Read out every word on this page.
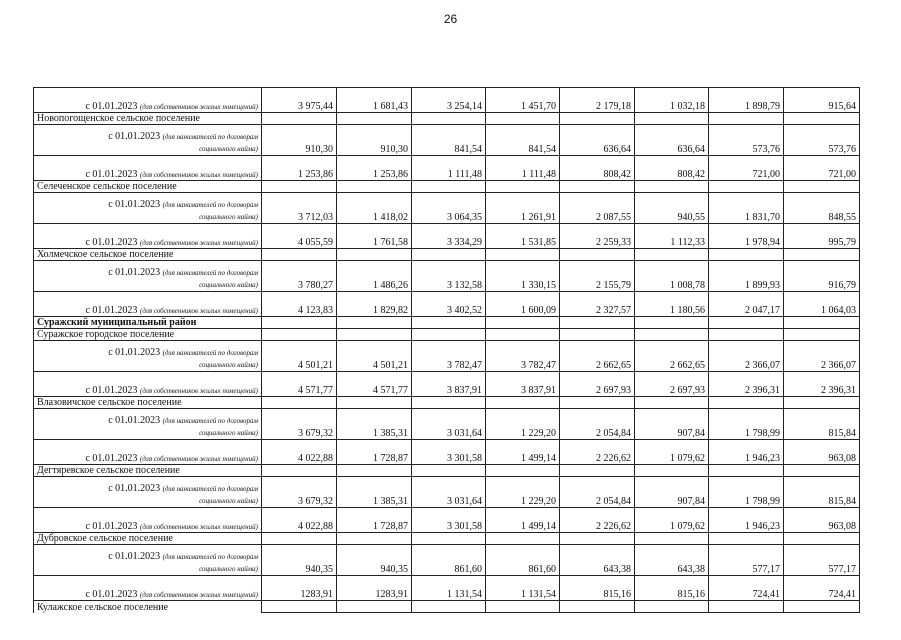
26
с 01.01.2023 (для собственников жилых помещений)	3 975,44	1 681,43	3 254,14	1 451,70	2 179,18	1 032,18	1 898,79	915,64
Новопогощенское сельское поселение								

с 01.01.2023 (для нанимателей по договорам
социального найма)	910,30	910,30	841,54	841,54	636,64	636,64	573,76	573,76
с 01.01.2023 (для собственников жилых помещений)	1 253,86	1 253,86	1 111,48	1 111,48	808,42	808,42	721,00	721,00
Селеченское сельское поселение								

с 01.01.2023 (для нанимателей по договорам
социального найма)	3 712,03	1 418,02	3 064,35	1 261,91	2 087,55	940,55	1 831,70	848,55
с 01.01.2023 (для собственников жилых помещений)	4 055,59	1 761,58	3 334,29	1 531,85	2 259,33	1 112,33	1 978,94	995,79
Холмечское сельское поселение								

с 01.01.2023 (для нанимателей по договорам
социального найма)	3 780,27	1 486,26	3 132,58	1 330,15	2 155,79	1 008,78	1 899,93	916,79
с 01.01.2023 (для собственников жилых помещений)	4 123,83	1 829,82	3 402,52	1 600,09	2 327,57	1 180,56	2 047,17	1 064,03
Суражский муниципальный район								
Суражское городское поселение								

с 01.01.2023 (для нанимателей по договорам
социального найма)	4 501,21	4 501,21	3 782,47	3 782,47	2 662,65	2 662,65	2 366,07	2 366,07
с 01.01.2023 (для собственников жилых помещений)	4 571,77	4 571,77	3 837,91	3 837,91	2 697,93	2 697,93	2 396,31	2 396,31
Влазовичское сельское поселение								

с 01.01.2023 (для нанимателей по договорам
социального найма)	3 679,32	1 385,31	3 031,64	1 229,20	2 054,84	907,84	1 798,99	815,84
с 01.01.2023 (для собственников жилых помещений)	4 022,88	1 728,87	3 301,58	1 499,14	2 226,62	1 079,62	1 946,23	963,08
Дегтяревское сельское поселение								

с 01.01.2023 (для нанимателей по договорам
социального найма)	3 679,32	1 385,31	3 031,64	1 229,20	2 054,84	907,84	1 798,99	815,84
с 01.01.2023 (для собственников жилых помещений)	4 022,88	1 728,87	3 301,58	1 499,14	2 226,62	1 079,62	1 946,23	963,08
Дубровское сельское поселение								

с 01.01.2023 (для нанимателей по договорам
социального найма)	940,35	940,35	861,60	861,60	643,38	643,38	577,17	577,17
с 01.01.2023 (для собственников жилых помещений)	1283,91	1283,91	1 131,54	1 131,54	815,16	815,16	724,41	724,41
Кулажское сельское поселение								
